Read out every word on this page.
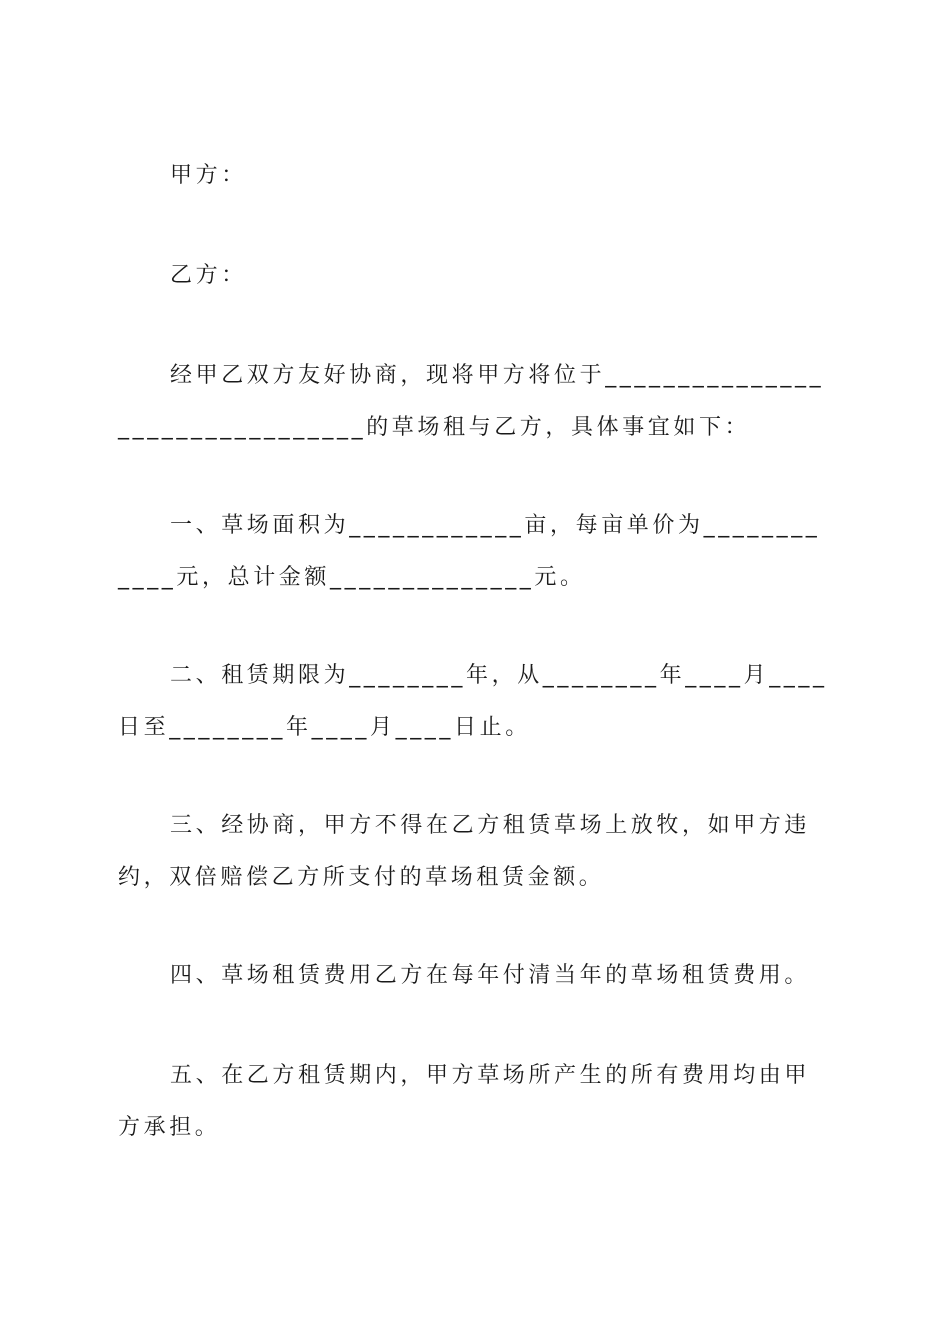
甲方：

乙方：

经甲乙双方友好协商，现将甲方将位于________________________________的草场租与乙方，具体事宜如下：

一、草场面积为____________亩，每亩单价为____________元，总计金额______________元。

二、租赁期限为________年，从________年____月____日至________年____月____日止。

三、经协商，甲方不得在乙方租赁草场上放牧，如甲方违约，双倍赔偿乙方所支付的草场租赁金额。

四、草场租赁费用乙方在每年付清当年的草场租赁费用。

五、在乙方租赁期内，甲方草场所产生的所有费用均由甲方承担。
